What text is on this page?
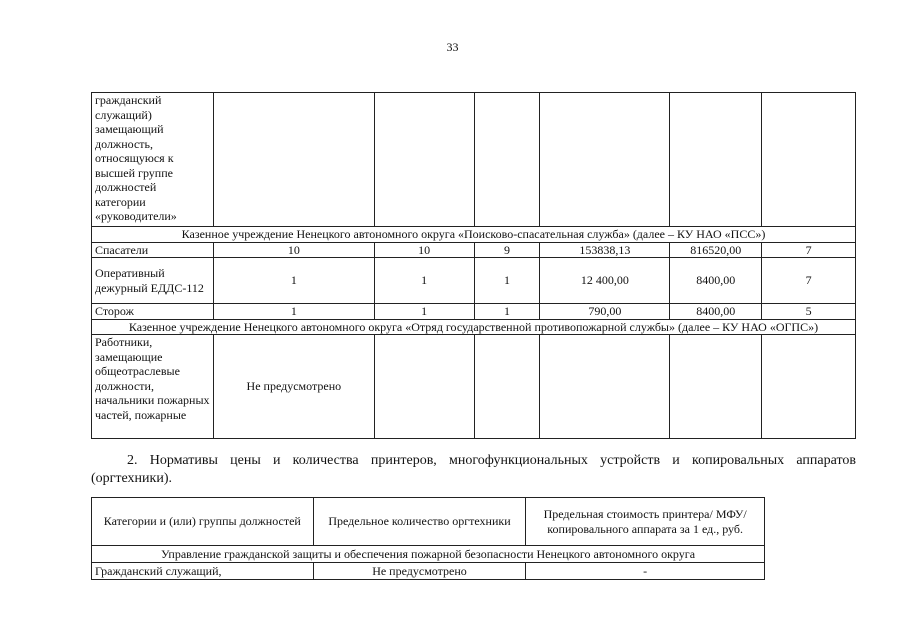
33
гражданский служащий) замещающий должность, относящуюся к высшей группе должностей категории «руководители»						
Казенное учреждение Ненецкого автономного округа «Поисково-спасательная служба» (далее – КУ НАО «ПСС»)						
Спасатели	10	10	9	153838,13	816520,00	7
Оперативный дежурный ЕДДС-112	1	1	1	12 400,00	8400,00	7
Сторож	1	1	1	790,00	8400,00	5
Казенное учреждение Ненецкого автономного округа «Отряд государственной противопожарной службы» (далее – КУ НАО «ОГПС»)						
Работники, замещающие общеотраслевые должности, начальники пожарных частей, пожарные	Не предусмотрено					
2. Нормативы цены и количества принтеров, многофункциональных устройств и копировальных аппаратов
(оргтехники).
Категории и (или) группы должностей	Предельное количество оргтехники	Предельная стоимость принтера/ МФУ/копировального аппарата за 1 ед., руб.
Управление гражданской защиты и обеспечения пожарной безопасности Ненецкого автономного округа		
Гражданский служащий,	Не предусмотрено	-
